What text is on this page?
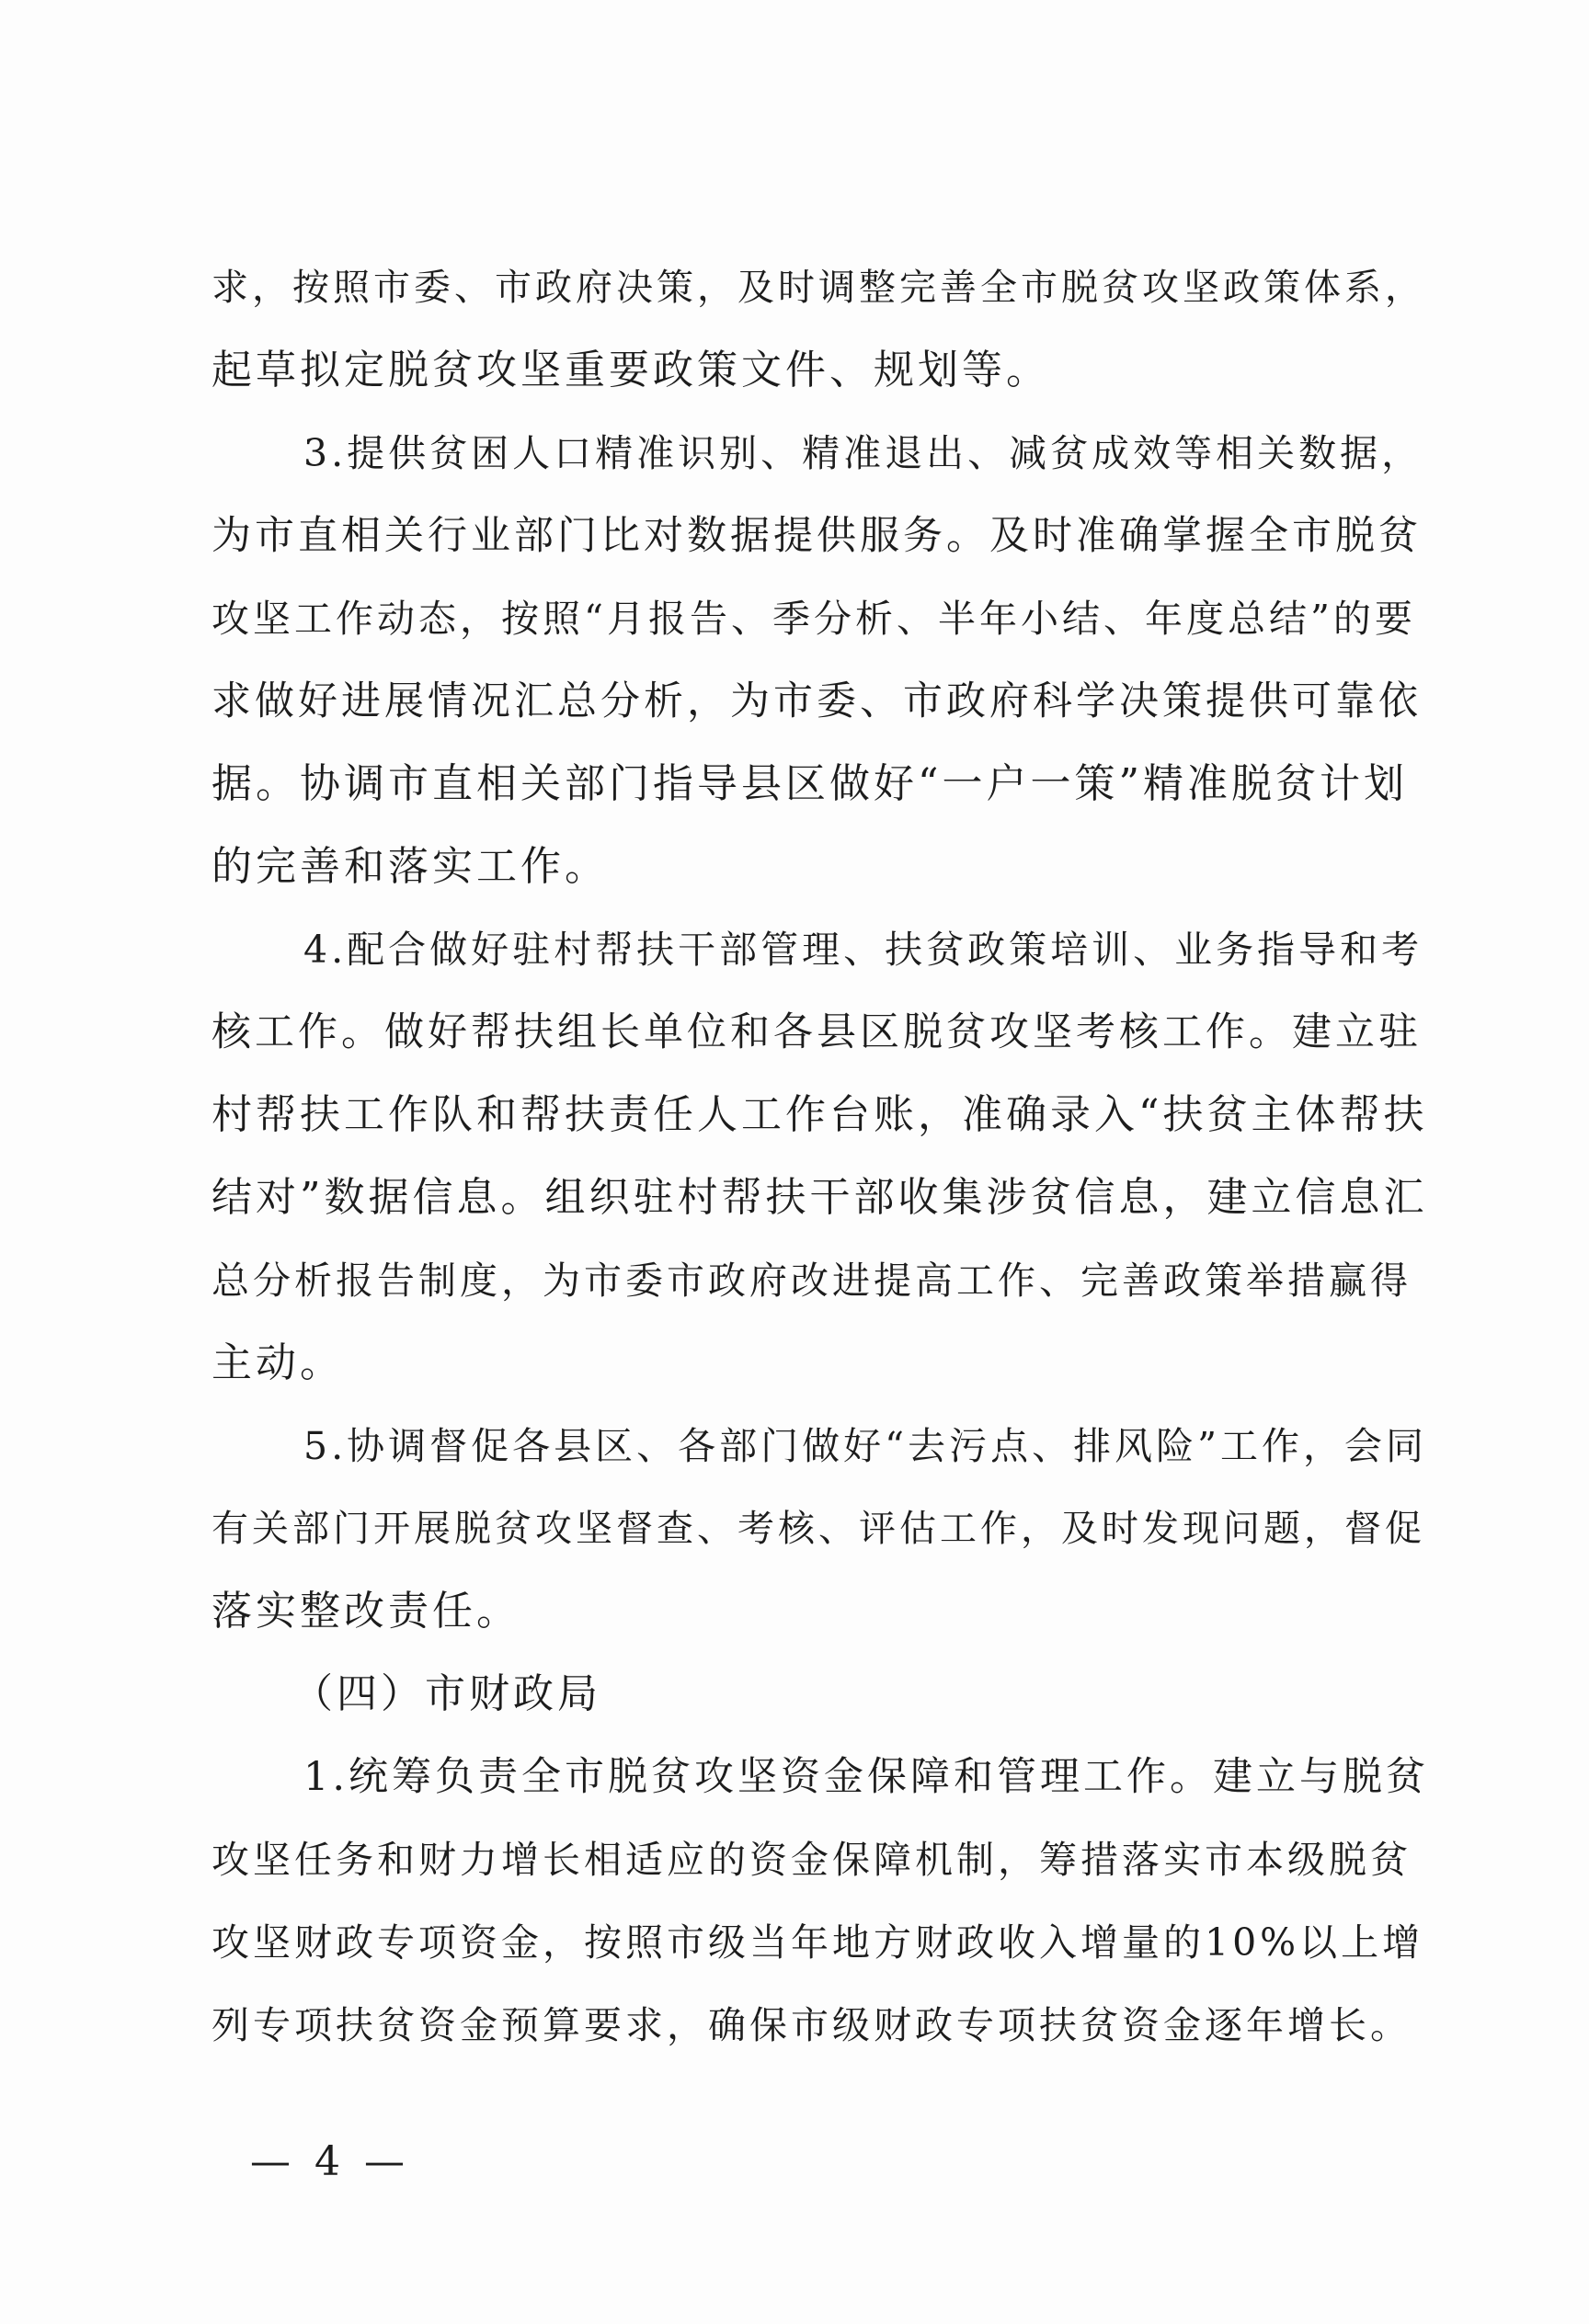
求，按照市委、市政府决策，及时调整完善全市脱贫攻坚政策体系，
起草拟定脱贫攻坚重要政策文件、规划等。
3.提供贫困人口精准识别、精准退出、减贫成效等相关数据，
为市直相关行业部门比对数据提供服务。及时准确掌握全市脱贫
攻坚工作动态，按照“月报告、季分析、半年小结、年度总结”的要
求做好进展情况汇总分析，为市委、市政府科学决策提供可靠依
据。协调市直相关部门指导县区做好“一户一策”精准脱贫计划
的完善和落实工作。
4.配合做好驻村帮扶干部管理、扶贫政策培训、业务指导和考
核工作。做好帮扶组长单位和各县区脱贫攻坚考核工作。建立驻
村帮扶工作队和帮扶责任人工作台账，准确录入“扶贫主体帮扶
结对”数据信息。组织驻村帮扶干部收集涉贫信息，建立信息汇
总分析报告制度，为市委市政府改进提高工作、完善政策举措赢得
主动。
5.协调督促各县区、各部门做好“去污点、排风险”工作，会同
有关部门开展脱贫攻坚督查、考核、评估工作，及时发现问题，督促
落实整改责任。
（四）市财政局
1.统筹负责全市脱贫攻坚资金保障和管理工作。建立与脱贫
攻坚任务和财力增长相适应的资金保障机制，筹措落实市本级脱贫
攻坚财政专项资金，按照市级当年地方财政收入增量的10%以上增
列专项扶贫资金预算要求，确保市级财政专项扶贫资金逐年增长。
— 4 —
